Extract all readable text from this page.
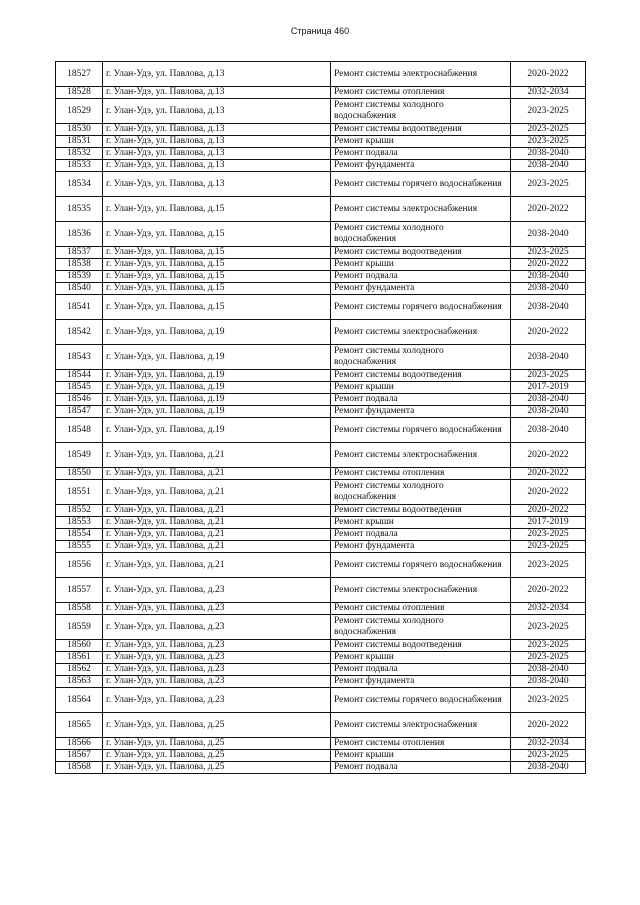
Страница 460
18527	г. Улан-Удэ, ул. Павлова, д.13	Ремонт системы электроснабжения	2020-2022
18528	г. Улан-Удэ, ул. Павлова, д.13	Ремонт системы отопления	2032-2034
18529	г. Улан-Удэ, ул. Павлова, д.13	Ремонт системы холодного водоснабжения	2023-2025
18530	г. Улан-Удэ, ул. Павлова, д.13	Ремонт системы водоотведения	2023-2025
18531	г. Улан-Удэ, ул. Павлова, д.13	Ремонт крыши	2023-2025
18532	г. Улан-Удэ, ул. Павлова, д.13	Ремонт подвала	2038-2040
18533	г. Улан-Удэ, ул. Павлова, д.13	Ремонт фундамента	2038-2040
18534	г. Улан-Удэ, ул. Павлова, д.13	Ремонт системы горячего водоснабжения	2023-2025
18535	г. Улан-Удэ, ул. Павлова, д.15	Ремонт системы электроснабжения	2020-2022
18536	г. Улан-Удэ, ул. Павлова, д.15	Ремонт системы холодного водоснабжения	2038-2040
18537	г. Улан-Удэ, ул. Павлова, д.15	Ремонт системы водоотведения	2023-2025
18538	г. Улан-Удэ, ул. Павлова, д.15	Ремонт крыши	2020-2022
18539	г. Улан-Удэ, ул. Павлова, д.15	Ремонт подвала	2038-2040
18540	г. Улан-Удэ, ул. Павлова, д.15	Ремонт фундамента	2038-2040
18541	г. Улан-Удэ, ул. Павлова, д.15	Ремонт системы горячего водоснабжения	2038-2040
18542	г. Улан-Удэ, ул. Павлова, д.19	Ремонт системы электроснабжения	2020-2022
18543	г. Улан-Удэ, ул. Павлова, д.19	Ремонт системы холодного водоснабжения	2038-2040
18544	г. Улан-Удэ, ул. Павлова, д.19	Ремонт системы водоотведения	2023-2025
18545	г. Улан-Удэ, ул. Павлова, д.19	Ремонт крыши	2017-2019
18546	г. Улан-Удэ, ул. Павлова, д.19	Ремонт подвала	2038-2040
18547	г. Улан-Удэ, ул. Павлова, д.19	Ремонт фундамента	2038-2040
18548	г. Улан-Удэ, ул. Павлова, д.19	Ремонт системы горячего водоснабжения	2038-2040
18549	г. Улан-Удэ, ул. Павлова, д.21	Ремонт системы электроснабжения	2020-2022
18550	г. Улан-Удэ, ул. Павлова, д.21	Ремонт системы отопления	2020-2022
18551	г. Улан-Удэ, ул. Павлова, д.21	Ремонт системы холодного водоснабжения	2020-2022
18552	г. Улан-Удэ, ул. Павлова, д.21	Ремонт системы водоотведения	2020-2022
18553	г. Улан-Удэ, ул. Павлова, д.21	Ремонт крыши	2017-2019
18554	г. Улан-Удэ, ул. Павлова, д.21	Ремонт подвала	2023-2025
18555	г. Улан-Удэ, ул. Павлова, д.21	Ремонт фундамента	2023-2025
18556	г. Улан-Удэ, ул. Павлова, д.21	Ремонт системы горячего водоснабжения	2023-2025
18557	г. Улан-Удэ, ул. Павлова, д.23	Ремонт системы электроснабжения	2020-2022
18558	г. Улан-Удэ, ул. Павлова, д.23	Ремонт системы отопления	2032-2034
18559	г. Улан-Удэ, ул. Павлова, д.23	Ремонт системы холодного водоснабжения	2023-2025
18560	г. Улан-Удэ, ул. Павлова, д.23	Ремонт системы водоотведения	2023-2025
18561	г. Улан-Удэ, ул. Павлова, д.23	Ремонт крыши	2023-2025
18562	г. Улан-Удэ, ул. Павлова, д.23	Ремонт подвала	2038-2040
18563	г. Улан-Удэ, ул. Павлова, д.23	Ремонт фундамента	2038-2040
18564	г. Улан-Удэ, ул. Павлова, д.23	Ремонт системы горячего водоснабжения	2023-2025
18565	г. Улан-Удэ, ул. Павлова, д.25	Ремонт системы электроснабжения	2020-2022
18566	г. Улан-Удэ, ул. Павлова, д.25	Ремонт системы отопления	2032-2034
18567	г. Улан-Удэ, ул. Павлова, д.25	Ремонт крыши	2023-2025
18568	г. Улан-Удэ, ул. Павлова, д.25	Ремонт подвала	2038-2040
